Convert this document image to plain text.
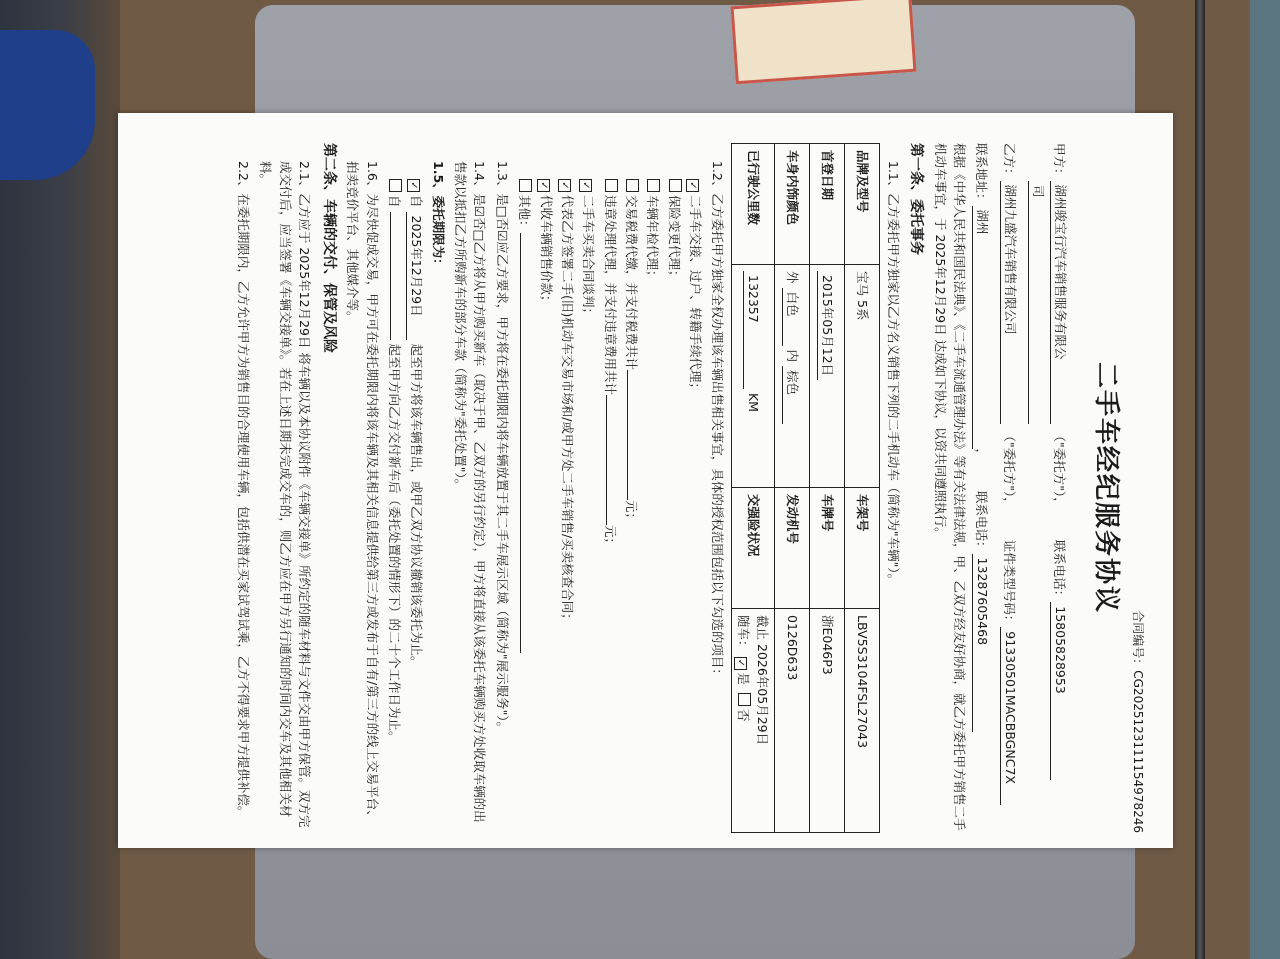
合同编号：CG2025123111154978246
二手车经纪服务协议
甲方：
湖州骏宝行汽车销售服务有限公
（"委托方"），
联系电话：
15805828953
司
乙方：
湖州九盛汽车销售有限公司
（"委托方"），
证件类型号码：
91330501MACBBGNC7X
联系地址：
湖州
，
联系电话：
13287605468
根据《中华人民共和国民法典》、《二手车流通管理办法》等有关法律法规，甲、乙双方经友好协商，就乙方委托甲方销售二手机动车事宜，于 2025年12月29日 达成如下协议，以资共同遵照执行。
第一条、委托事务
1.1、乙方委托甲方独家以乙方名义销售下列的二手机动车（简称为"车辆"）。
品牌及型号	宝马 5系	车架号	LBV5S3104FSL27043
首登日期	2015年05月12日	车牌号	浙E046P3
车身内饰颜色	外 白色 内 棕色	发动机号	0126D633
已行驶公里数	132357 KM	交强险状况	截止 2026年05月29日
随车： ✓是 否
1.2、乙方委托甲方独家全权办理该车辆出售相关事宜，具体的授权范围包括以下勾选的项目：
✓二手车交接、过户、转籍手续代理；
保险变更代理；
车辆年检代理；
交易税费代缴，并支付税费共计元；
违章处理代理，并支付违章费用共计元；
✓二手车买卖合同谈判；
✓代表乙方签署二手(旧)机动车交易市场和/或甲方处二手车销售/买卖核查合同；
✓代收车辆销售价款；
其他：
1.3、是□否☑应乙方要求，甲方将在委托期限内将车辆放置于其二手车展示区域（简称为"展示服务"）。
1.4、是☑否□乙方将从甲方购买新车（取决于甲、乙双方的另行约定），甲方将直接从该委托车辆购买方处收取车辆的出售款以抵扣乙方所购新车的部分车款（简称为"委托处置"）。
1.5、委托期限为：
✓自 2025年12月29日 起至甲方将该车辆售出，或甲乙双方协议撤销该委托为止。
自  起至甲方向乙方交付新车后（委托处置的情形下）的二十个工作日为止。
1.6、为尽快促成交易，甲方可在委托期限内将该车辆及其相关信息提供给第三方或发布于自有/第三方的线上交易平台、拍卖竞价平台、其他媒介等。
第二条、车辆的交付、保管及风险
2.1、乙方应于 2025年12月29日 将车辆以及本协议附件《车辆交接单》所约定的随车材料与文件交由甲方保管。双方完成交付后，应当签署《车辆交接单》。若在上述日期未完成交车的，则乙方应在甲方另行通知的时间内交车及其他相关材料。
2.2、在委托期限内，乙方允许甲方为销售目的合理使用车辆，包括供潜在买家试驾试乘，乙方不得要求甲方提供补偿。
